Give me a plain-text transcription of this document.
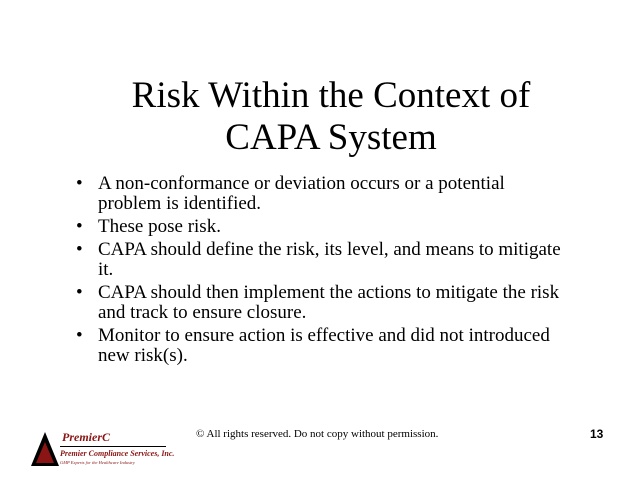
Risk Within the Context of
CAPA System
• A non-conformance or deviation occurs or a potential problem is identified.
• These pose risk.
• CAPA should define the risk, its level, and means to mitigate it.
• CAPA should then implement the actions to mitigate the risk and track to ensure closure.
• Monitor to ensure action is effective and did not introduced new risk(s).
PremierC
Premier Compliance Services, Inc.
GMP Experts for the Healthcare Industry
© All rights reserved. Do not copy without permission.	13
